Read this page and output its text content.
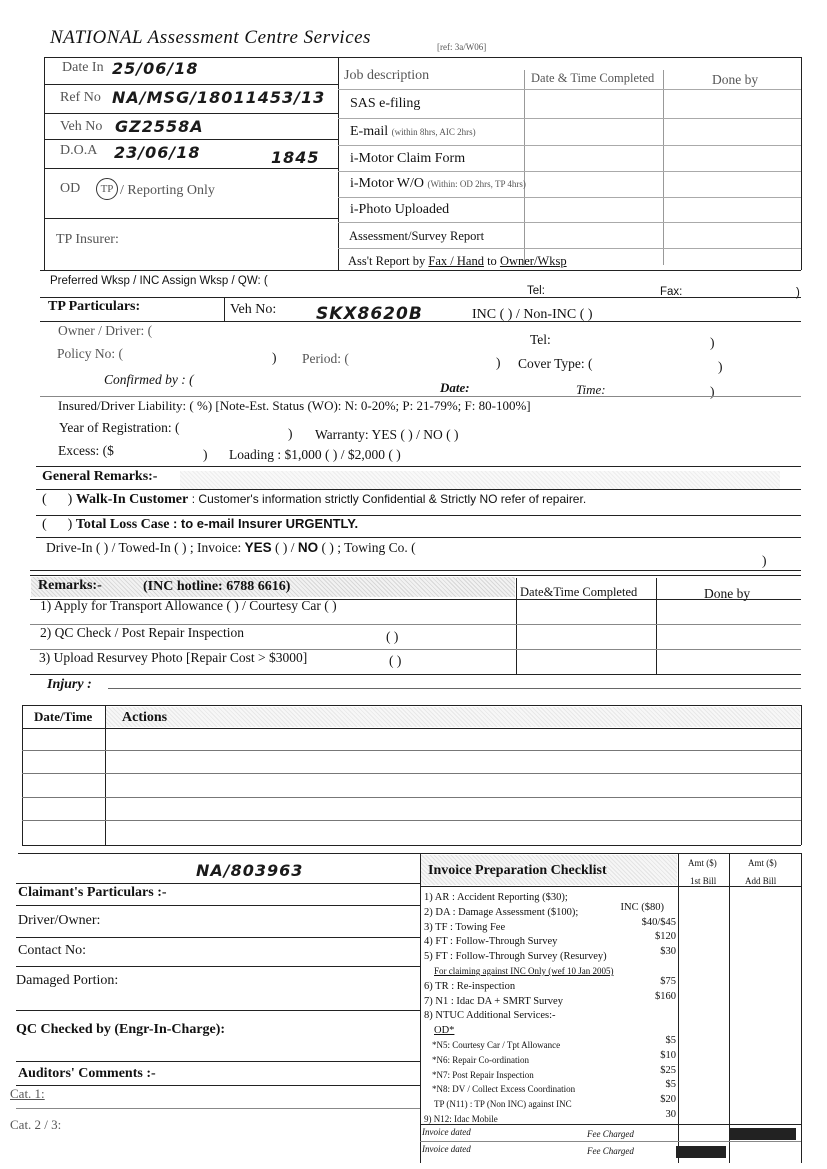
NATIONAL Assessment Centre Services	[ref: 3a/W06]
Date In 25/06/18
Ref No NA/MSG/18011453/13
Veh No GZ2558A
D.O.A 23/06/18	1845
OD	TP / Reporting Only
TP Insurer:
Job description	Date & Time Completed	Done by
SAS e-filing
E-mail (within 8hrs, AIC 2hrs)
i-Motor Claim Form
i-Motor W/O (Within: OD 2hrs, TP 4hrs)
i-Photo Uploaded
Assessment/Survey Report
Ass't Report by Fax / Hand to Owner/Wksp
Preferred Wksp / INC Assign Wksp / QW: (
Tel:	Fax:	)
TP Particulars:	Veh No: SKX8620B	INC ( ) / Non-INC ( )
Owner / Driver: (
Tel:	)
Policy No: (	) Period: (	) Cover Type: (	)
Confirmed by : (
Date:	Time:	)
Insured/Driver Liability: ( %) [Note-Est. Status (WO): N: 0-20%; P: 21-79%; F: 80-100%]
Year of Registration: (	) Warranty: YES ( ) / NO ( )
Excess: ($	) Loading : $1,000 ( ) / $2,000 ( )
General Remarks:-
(      ) Walk-In Customer : Customer's information strictly Confidential & Strictly NO refer of repairer.
(      ) Total Loss Case : to e-mail Insurer URGENTLY.
Drive-In ( ) / Towed-In ( ) ; Invoice: YES ( ) / NO ( ) ; Towing Co. (
)
Remarks:-	(INC hotline: 6788 6616)	Date&Time Completed	Done by
1) Apply for Transport Allowance ( ) / Courtesy Car ( )
2) QC Check / Post Repair Inspection	( )
3) Upload Resurvey Photo [Repair Cost > $3000]	( )
Injury :
Date/Time Actions
NA/803963
Claimant's Particulars :-
Driver/Owner:
Contact No:
Damaged Portion:
QC Checked by (Engr-In-Charge):
Auditors' Comments :-
Cat. 1:
Cat. 2 / 3:
Invoice Preparation Checklist	Amt ($)
1st Bill
Amt ($)
Add Bill
1) AR : Accident Reporting ($30);
2) DA : Damage Assessment ($100);	INC ($80)
3) TF : Towing Fee	$40/$45
4) FT : Follow-Through Survey	$120
5) FT : Follow-Through Survey (Resurvey)	$30
For claiming against INC Only (wef 10 Jan 2005)
6) TR : Re-inspection	$75
7) N1 : Idac DA + SMRT Survey	$160
8) NTUC Additional Services:-
OD*
*N5: Courtesy Car / Tpt Allowance	$5
*N6: Repair Co-ordination	$10
*N7: Post Repair Inspection	$25
*N8: DV / Collect Excess Coordination	$5
TP (N11) : TP (Non INC) against INC	$20
9) N12: Idac Mobile	30
Invoice dated	Fee Charged
Invoice dated	Fee Charged
